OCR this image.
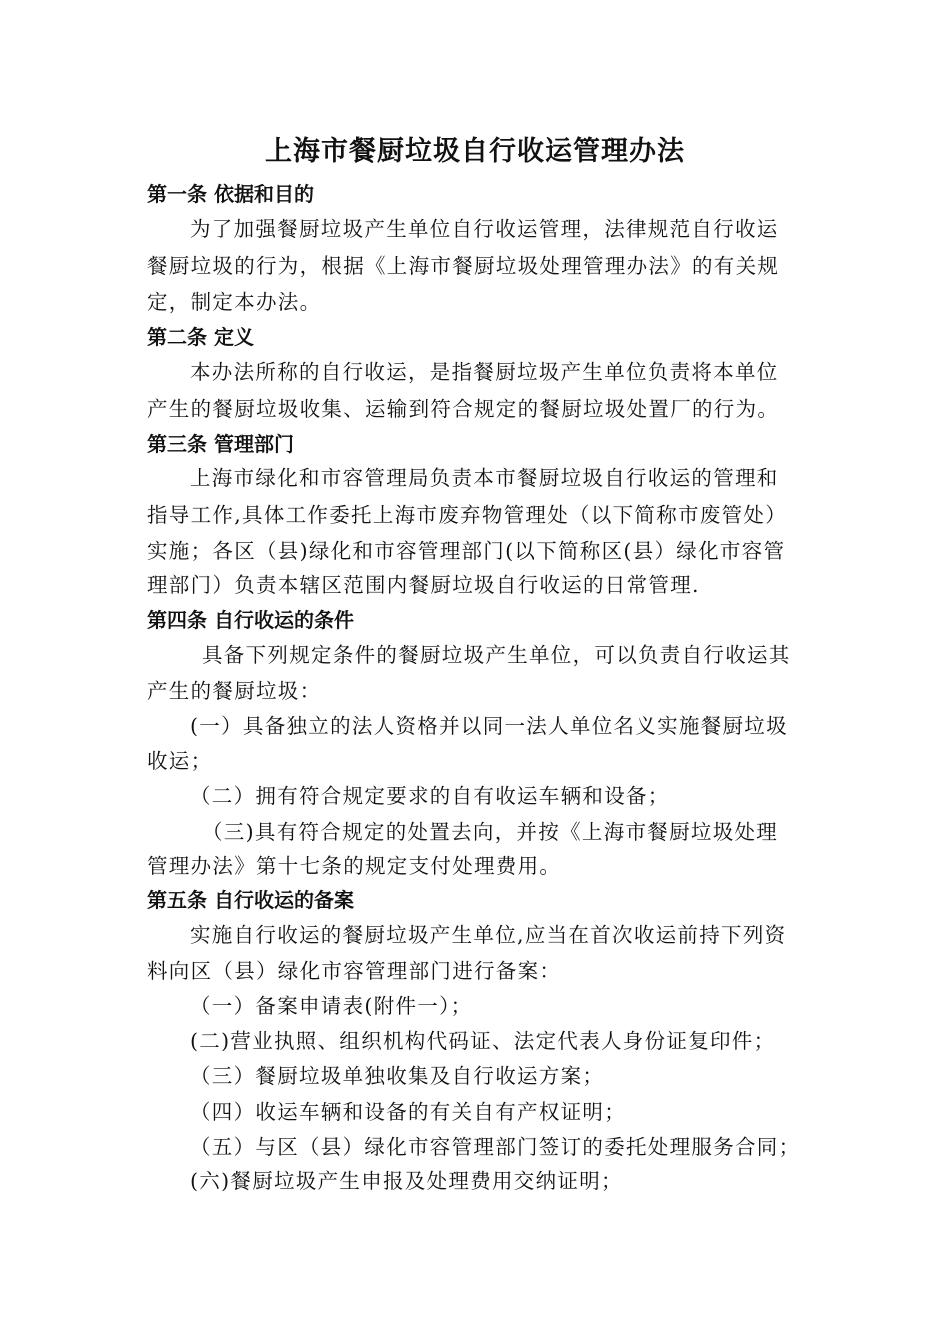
上海市餐厨垃圾自行收运管理办法
第一条 依据和目的
为了加强餐厨垃圾产生单位自行收运管理，法律规范自行收运
餐厨垃圾的行为，根据《上海市餐厨垃圾处理管理办法》的有关规
定，制定本办法。
第二条 定义
本办法所称的自行收运，是指餐厨垃圾产生单位负责将本单位
产生的餐厨垃圾收集、运输到符合规定的餐厨垃圾处置厂的行为。
第三条 管理部门
上海市绿化和市容管理局负责本市餐厨垃圾自行收运的管理和
指导工作,具体工作委托上海市废弃物管理处（以下简称市废管处）
实施；各区（县)绿化和市容管理部门(以下简称区(县）绿化市容管
理部门）负责本辖区范围内餐厨垃圾自行收运的日常管理.
第四条 自行收运的条件
具备下列规定条件的餐厨垃圾产生单位，可以负责自行收运其
产生的餐厨垃圾：
(一）具备独立的法人资格并以同一法人单位名义实施餐厨垃圾
收运；
（二）拥有符合规定要求的自有收运车辆和设备；
（三)具有符合规定的处置去向，并按《上海市餐厨垃圾处理
管理办法》第十七条的规定支付处理费用。
第五条 自行收运的备案
实施自行收运的餐厨垃圾产生单位,应当在首次收运前持下列资
料向区（县）绿化市容管理部门进行备案：
（一）备案申请表(附件一）；
(二)营业执照、组织机构代码证、法定代表人身份证复印件；
（三）餐厨垃圾单独收集及自行收运方案；
（四）收运车辆和设备的有关自有产权证明；
（五）与区（县）绿化市容管理部门签订的委托处理服务合同；
(六)餐厨垃圾产生申报及处理费用交纳证明；
